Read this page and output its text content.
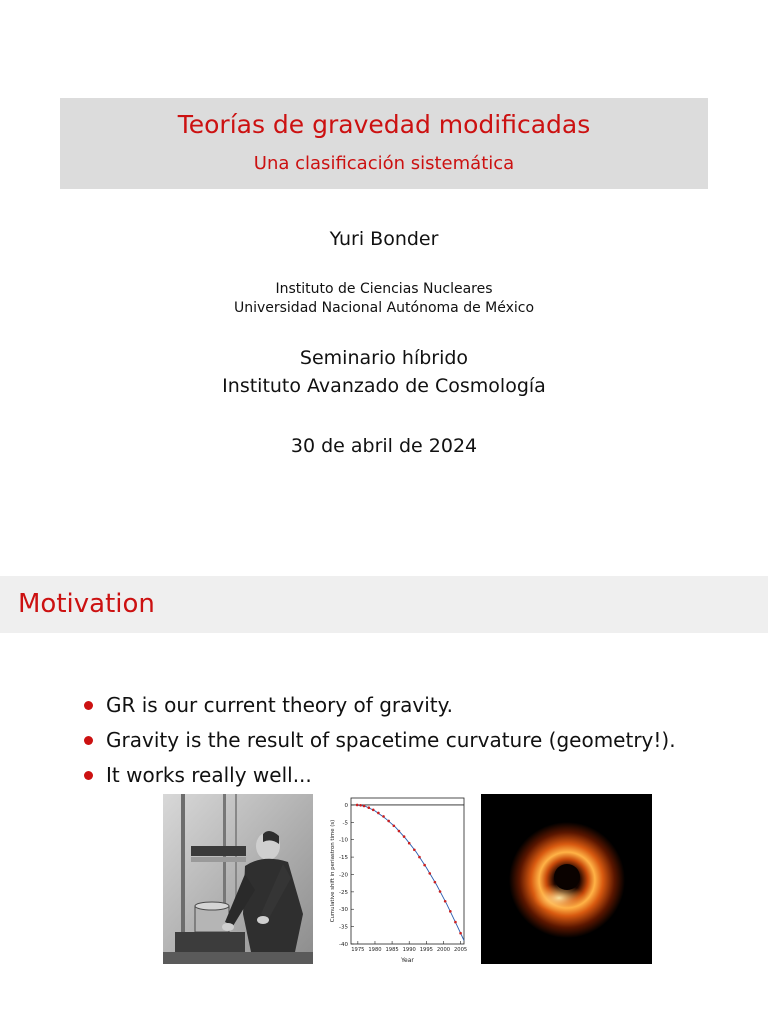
Teorías de gravedad modificadas
Una clasificación sistemática
Yuri Bonder
Instituto de Ciencias Nucleares
Universidad Nacional Autónoma de México
Seminario híbrido
Instituto Avanzado de Cosmología
30 de abril de 2024
Motivation
GR is our current theory of gravity.
Gravity is the result of spacetime curvature (geometry!).
It works really well...
0
-5
-10
-15
-20
-25
-30
-35
-40
1975 1980 1985 1990 1995 2000 2005
Year
Cumulative shift in periastron time (s)
